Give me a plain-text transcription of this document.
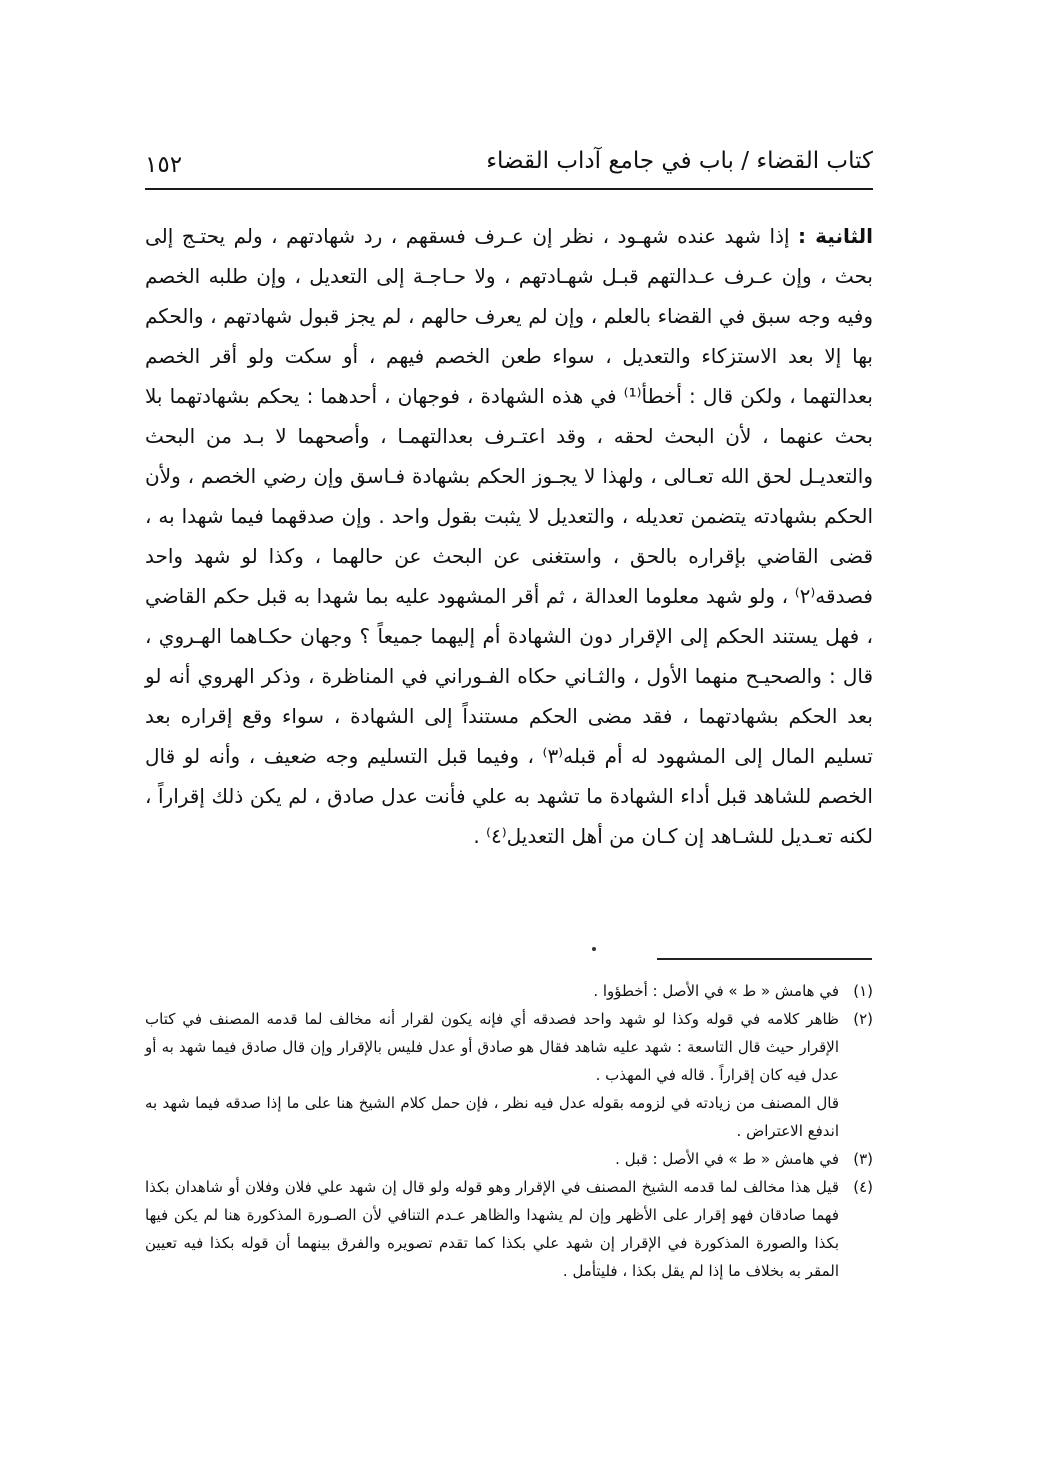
كتاب القضاء / باب في جامع آداب القضاء
١٥٢
الثانية : إذا شهد عنده شهـود ، نظر إن عـرف فسقهم ، رد شهادتهم ، ولم يحتـج إلى بحث ، وإن عـرف عـدالتهم قبـل شهـادتهم ، ولا حـاجـة إلى التعديل ، وإن طلبه الخصم وفيه وجه سبق في القضاء بالعلم ، وإن لم يعرف حالهم ، لم يجز قبول شهادتهم ، والحكم بها إلا بعد الاستزكاء والتعديل ، سواء طعن الخصم فيهم ، أو سكت ولو أقر الخصم بعدالتهما ، ولكن قال : أخطأ⁽¹⁾ في هذه الشهادة ، فوجهان ، أحدهما : يحكم بشهادتهما بلا بحث عنهما ، لأن البحث لحقه ، وقد اعتـرف بعدالتهمـا ، وأصحهما لا بـد من البحث والتعديـل لحق الله تعـالى ، ولهذا لا يجـوز الحكم بشهادة فـاسق وإن رضي الخصم ، ولأن الحكم بشهادته يتضمن تعديله ، والتعديل لا يثبت بقول واحد . وإن صدقهما فيما شهدا به ، قضى القاضي بإقراره بالحق ، واستغنى عن البحث عن حالهما ، وكذا لو شهد واحد فصدقه⁽٢⁾ ، ولو شهد معلوما العدالة ، ثم أقر المشهود عليه بما شهدا به قبل حكم القاضي ، فهل يستند الحكم إلى الإقرار دون الشهادة أم إليهما جميعاً ؟ وجهان حكـاهما الهـروي ، قال : والصحيـح منهما الأول ، والثـاني حكاه الفـوراني في المناظرة ، وذكر الهروي أنه لو بعد الحكم بشهادتهما ، فقد مضى الحكم مستنداً إلى الشهادة ، سواء وقع إقراره بعد تسليم المال إلى المشهود له أم قبله⁽٣⁾ ، وفيما قبل التسليم وجه ضعيف ، وأنه لو قال الخصم للشاهد قبل أداء الشهادة ما تشهد به علي فأنت عدل صادق ، لم يكن ذلك إقراراً ، لكنه تعـديل للشـاهد إن كـان من أهل التعديل⁽٤⁾ .
(١)
في هامش « ط » في الأصل : أخطؤوا .
(٢)
ظاهر كلامه في قوله وكذا لو شهد واحد فصدقه أي فإنه يكون لقرار أنه مخالف لما قدمه المصنف في كتاب الإقرار حيث قال التاسعة : شهد عليه شاهد فقال هو صادق أو عدل فليس بالإقرار وإن قال صادق فيما شهد به أو عدل فيه كان إقراراً . قاله في المهذب .
قال المصنف من زيادته في لزومه بقوله عدل فيه نظر ، فإن حمل كلام الشيخ هنا على ما إذا صدقه فيما شهد به اندفع الاعتراض .
(٣)
في هامش « ط » في الأصل : قبل .
(٤)
قيل هذا مخالف لما قدمه الشيخ المصنف في الإقرار وهو قوله ولو قال إن شهد علي فلان وفلان أو شاهدان بكذا فهما صادقان فهو إقرار على الأظهر وإن لم يشهدا والظاهر عـدم التنافي لأن الصـورة المذكورة هنا لم يكن فيها بكذا والصورة المذكورة في الإقرار إن شهد علي بكذا كما تقدم تصويره والفرق بينهما أن قوله بكذا فيه تعيين المقر به بخلاف ما إذا لم يقل بكذا ، فليتأمل .
